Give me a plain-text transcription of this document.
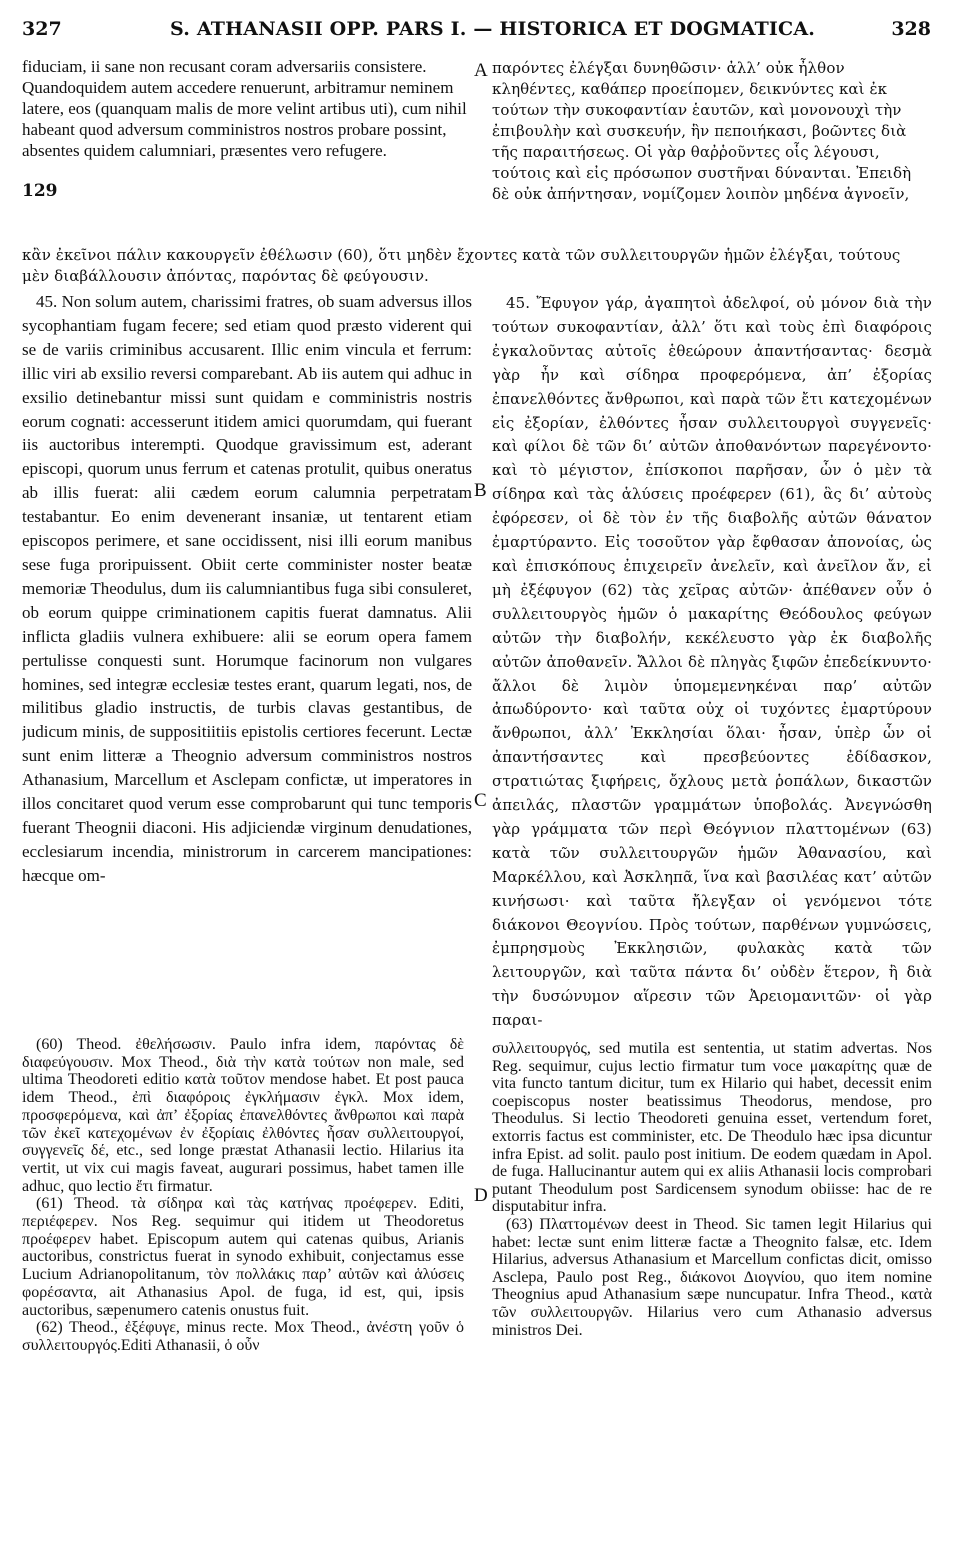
327	S. ATHANASII OPP. PARS I. — HISTORICA ET DOGMATICA.	328
A
B
C
D

fiduciam, ii sane non recusant coram adversariis consistere. Quandoquidem autem accedere renuerunt, arbitramur neminem latere, eos (quanquam malis de more velint artibus uti), cum nihil habeant quod adversum comministros nostros probare possint, absentes quidem calumniari, præsentes vero refugere.

παρόντες ἐλέγξαι δυνηθῶσιν· ἀλλ’ οὐκ ἦλθον κληθέντες, καθάπερ προείπομεν, δεικνύντες καὶ ἐκ τούτων τὴν συκοφαντίαν ἑαυτῶν, καὶ μονονουχὶ τὴν ἐπιβουλὴν καὶ συσκευήν, ἣν πεποιήκασι, βοῶντες διὰ τῆς παραιτήσεως. Οἱ γὰρ θαῤῥοῦντες οἷς λέγουσι, τούτοις καὶ εἰς πρόσωπον συστῆναι δύνανται. Ἐπειδὴ δὲ οὐκ ἀπήντησαν, νομίζομεν λοιπὸν μηδένα ἀγνοεῖν,

κἂν ἐκεῖνοι πάλιν κακουργεῖν ἐθέλωσιν (60), ὅτι μηδὲν ἔχοντες κατὰ τῶν συλλειτουργῶν ἡμῶν ἐλέγξαι, τούτους μὲν διαβάλλουσιν ἀπόντας, παρόντας δὲ φεύγουσιν.

45. Non solum autem, charissimi fratres, ob suam adversus illos sycophantiam fugam fecere; sed etiam quod præsto viderent qui se de variis criminibus accusarent. Illic enim vincula et ferrum: illic viri ab exsilio reversi comparebant. Ab iis autem qui adhuc in exsilio detinebantur missi sunt quidam e comministris nostris eorum cognati: accesserunt itidem amici quorumdam, qui fuerant iis auctoribus interempti. Quodque gravissimum est, aderant episcopi, quorum unus ferrum et catenas protulit, quibus oneratus ab illis fuerat: alii cædem eorum calumnia perpetratam testabantur. Eo enim devenerant insaniæ, ut tentarent etiam episcopos perimere, et sane occidissent, nisi illi eorum manibus sese fuga proripuissent. Obiit certe comminister noster beatæ memoriæ Theodulus, dum iis calumniantibus fuga sibi consuleret, ob eorum quippe criminationem capitis fuerat damnatus. Alii inflicta gladiis vulnera exhibuere: alii se eorum opera famem pertulisse conquesti sunt. Horumque facinorum non vulgares homines, sed integræ ecclesiæ testes erant, quarum legati, nos, de militibus gladio instructis, de turbis clavas gestantibus, de judicum minis, de suppositiitiis epistolis certiores fecerunt. Lectæ sunt enim litteræ a Theognio adversum comministros nostros Athanasium, Marcellum et Asclepam confictæ, ut imperatores in illos concitaret quod verum esse comprobarunt qui tunc temporis fuerant Theognii diaconi. His adjiciendæ virginum denudationes, ecclesiarum incendia, ministrorum in carcerem mancipationes: hæcque om-

45. Ἔφυγον γάρ, ἀγαπητοὶ ἀδελφοί, οὐ μόνον διὰ τὴν τούτων συκοφαντίαν, ἀλλ’ ὅτι καὶ τοὺς ἐπὶ διαφόροις ἐγκαλοῦντας αὐτοῖς ἑθεώρουν ἀπαντήσαντας· δεσμὰ γὰρ ἦν καὶ σίδηρα προφερόμενα, ἀπ’ ἐξορίας ἐπανελθόντες ἄνθρωποι, καὶ παρὰ τῶν ἔτι κατεχομένων εἰς ἐξορίαν, ἐλθόντες ἦσαν συλλειτουργοὶ συγγενεῖς· καὶ φίλοι δὲ τῶν δι’ αὐτῶν ἀποθανόντων παρεγένοντο· καὶ τὸ μέγιστον, ἐπίσκοποι παρῆσαν, ὧν ὁ μὲν τὰ σίδηρα καὶ τὰς ἁλύσεις προέφερεν (61), ἃς δι’ αὐτοὺς ἐφόρεσεν, οἱ δὲ τὸν ἐν τῆς διαβολῆς αὐτῶν θάνατον ἐμαρτύραντο. Εἰς τοσοῦτον γὰρ ἔφθασαν ἀπονοίας, ὡς καὶ ἐπισκόπους ἐπιχειρεῖν ἀνελεῖν, καὶ ἀνεῖλον ἄν, εἰ μὴ ἐξέφυγον (62) τὰς χεῖρας αὐτῶν· ἀπέθανεν οὖν ὁ συλλειτουργὸς ἡμῶν ὁ μακαρίτης Θεόδουλος φεύγων αὐτῶν τὴν διαβολήν, κεκέλευστο γὰρ ἐκ διαβολῆς αὐτῶν ἀποθανεῖν. Ἄλλοι δὲ πληγὰς ξιφῶν ἐπεδείκνυντο· ἄλλοι δὲ λιμὸν ὑπομεμενηκέναι παρ’ αὐτῶν ἀπωδύροντο· καὶ ταῦτα οὐχ οἱ τυχόντες ἐμαρτύρουν ἄνθρωποι, ἀλλ’ Ἐκκλησίαι ὅλαι· ἦσαν, ὑπὲρ ὧν οἱ ἀπαντήσαντες καὶ πρεσβεύοντες ἐδίδασκον, στρατιώτας ξιφήρεις, ὄχλους μετὰ ῥοπάλων, δικαστῶν ἀπειλάς, πλαστῶν γραμμάτων ὑποβολάς. Ἀνεγνώσθη γὰρ γράμματα τῶν περὶ Θεόγνιον πλαττομένων (63) κατὰ τῶν συλλειτουργῶν ἡμῶν Ἀθανασίου, καὶ Μαρκέλλου, καὶ Ἀσκληπᾶ, ἵνα καὶ βασιλέας κατ’ αὐτῶν κινήσωσι· καὶ ταῦτα ἤλεγξαν οἱ γενόμενοι τότε διάκονοι Θεογνίου. Πρὸς τούτων, παρθένων γυμνώσεις, ἐμπρησμοὺς Ἐκκλησιῶν, φυλακὰς κατὰ τῶν λειτουργῶν, καὶ ταῦτα πάντα δι’ οὐδὲν ἕτερον, ἢ διὰ τὴν δυσώνυμον αἵρεσιν τῶν Ἀρειομανιτῶν· οἱ γὰρ παραι-

(60) Theod. ἐθελήσωσιν. Paulo infra idem, παρόντας δὲ διαφεύγουσιν. Mox Theod., διὰ τὴν κατὰ τούτων non male, sed ultima Theodoreti editio κατὰ τοῦτον mendose habet. Et post pauca idem Theod., ἐπὶ διαφόροις ἐγκλήμασιν ἐγκλ. Mox idem, προσφερόμενα, καὶ ἀπ’ ἐξορίας ἐπανελθόντες ἄνθρωποι καὶ παρὰ τῶν ἐκεῖ κατεχομένων ἐν ἐξορίαις ἐλθόντες ἦσαν συλλειτουργοί, συγγενεῖς δέ, etc., sed longe præstat Athanasii lectio. Hilarius ita vertit, ut vix cui magis faveat, augurari possimus, habet tamen ille adhuc, quo lectio ἔτι firmatur.

(61) Theod. τὰ σίδηρα καὶ τὰς κατήνας προέφερεν. Editi, περιέφερεν. Nos Reg. sequimur qui itidem ut Theodoretus προέφερεν habet. Episcopum autem qui catenas quibus, Arianis auctoribus, constrictus fuerat in synodo exhibuit, conjectamus esse Lucium Adrianopolitanum, τὸν πολλάκις παρ’ αὐτῶν καὶ ἁλύσεις φορέσαντα, ait Athanasius Apol. de fuga, id est, qui, ipsis auctoribus, sæpenumero catenis onustus fuit.

(62) Theod., ἐξέφυγε, minus recte. Mox Theod., ἀνέστη γοῦν ὁ συλλειτουργός.Editi Athanasii, ὁ οὖν

συλλειτουργός, sed mutila est sententia, ut statim advertas. Nos Reg. sequimur, cujus lectio firmatur tum voce μακαρίτης quæ de vita functo tantum dicitur, tum ex Hilario qui habet, decessit enim coepiscopus noster beatissimus Theodorus, mendose, pro Theodulus. Si lectio Theodoreti genuina esset, vertendum foret, extorris factus est comminister, etc. De Theodulo hæc ipsa dicuntur infra Epist. ad solit. paulo post initium. De eodem quædam in Apol. de fuga. Hallucinantur autem qui ex aliis Athanasii locis comprobari putant Theodulum post Sardicensem synodum obiisse: hac de re disputabitur infra.

(63) Πλαττομένων deest in Theod. Sic tamen legit Hilarius qui habet: lectæ sunt enim litteræ factæ a Theognito falsæ, etc. Idem Hilarius, adversus Athanasium et Marcellum confictas dicit, omisso Asclepa, Paulo post Reg., διάκονοι Διογνίου, quo item nomine Theognius apud Athanasium sæpe nuncupatur. Infra Theod., κατὰ τῶν συλλειτουργῶν. Hilarius vero cum Athanasio adversus ministros Dei.

129
